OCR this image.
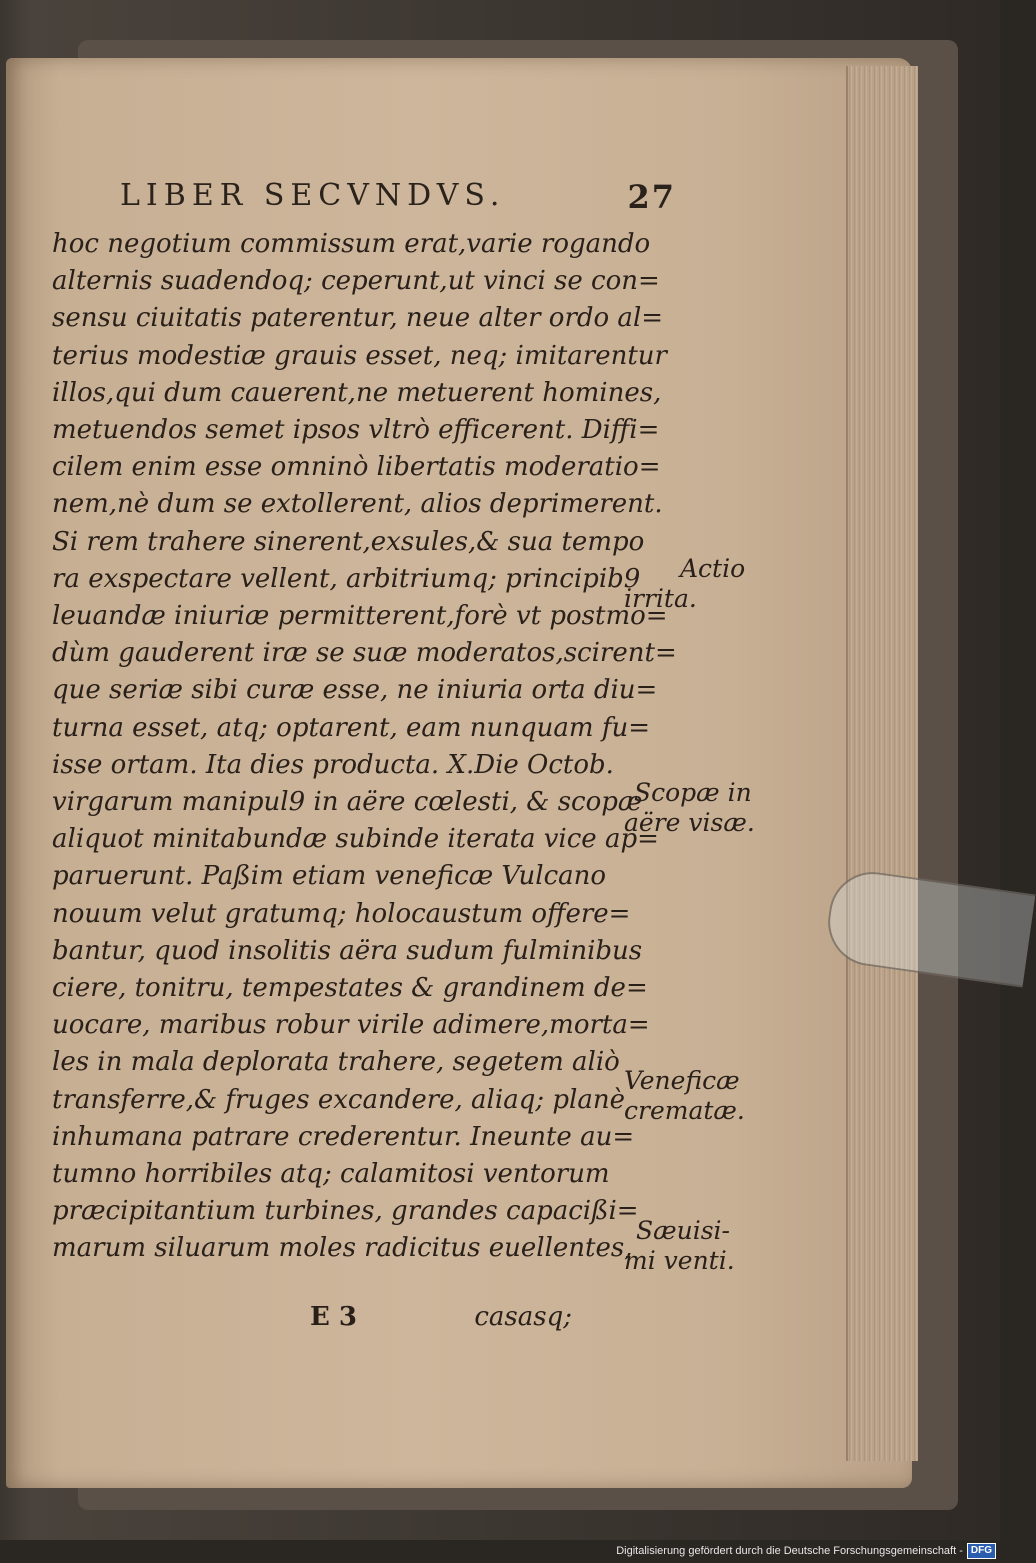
LIBER SECVNDVS.	27
hoc negotium commissum erat,varie rogando
alternis suadendoq; ceperunt,ut vinci se con=
sensu ciuitatis paterentur, neue alter ordo al=
terius modestiæ grauis esset, neq; imitarentur
illos,qui dum cauerent,ne metuerent homines,
metuendos semet ipsos vltrò efficerent. Diffi=
cilem enim esse omninò libertatis moderatio=
nem,nè dum se extollerent, alios deprimerent.
Si rem trahere sinerent,exsules,& sua tempo
ra exspectare vellent, arbitriumq; principib9
leuandæ iniuriæ permitterent,forè vt postmo=
dùm gauderent iræ se suæ moderatos,scirent=
que seriæ sibi curæ esse, ne iniuria orta diu=
turna esset, atq; optarent, eam nunquam fu=
isse ortam. Ita dies producta. X.Die Octob.
virgarum manipul9 in aëre cœlesti, & scopæ
aliquot minitabundæ subinde iterata vice ap=
paruerunt. Paßim etiam veneficæ Vulcano
nouum velut gratumq; holocaustum offere=
bantur, quod insolitis aëra sudum fulminibus
ciere, tonitru, tempestates & grandinem de=
uocare, maribus robur virile adimere,morta=
les in mala deplorata trahere, segetem aliò
transferre,& fruges excandere, aliaq; planè
inhumana patrare crederentur. Ineunte au=
tumno horribiles atq; calamitosi ventorum
præcipitantium turbines, grandes capacißi=
marum siluarum moles radicitus euellentes,
Actio
irrita.
Scopæ in
aëre visæ.
Veneficæ
crematæ.
Sæuisi-
mi venti.
E 3	casasq;
Digitalisierung gefördert durch die Deutsche Forschungsgemeinschaft - DFG
